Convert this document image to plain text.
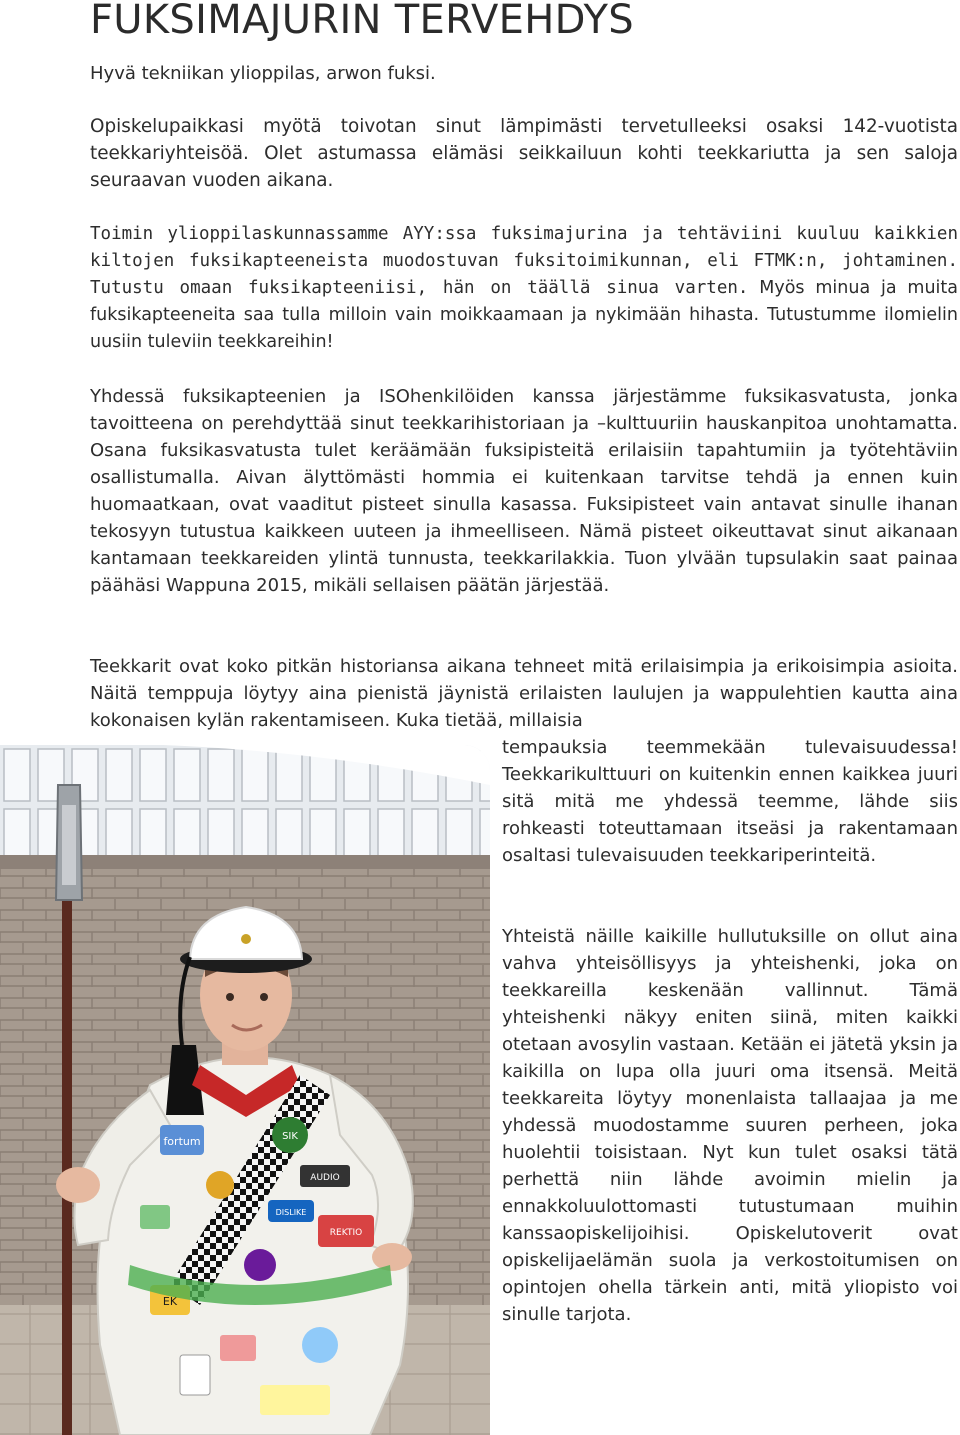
FUKSIMAJURIN TERVEHDYS

Hyvä tekniikan ylioppilas, arwon fuksi.

Opiskelupaikkasi myötä toivotan sinut lämpimästi tervetulleeksi osaksi 142-vuotista teekkariyhteisöä. Olet astumassa elämäsi seikkailuun kohti teekkariutta ja sen saloja seuraavan vuoden aikana.

Toimin ylioppilaskunnassamme AYY:ssa fuksimajurina ja tehtäviini kuuluu kaikkien kiltojen fuksikapteeneista muodostuvan fuksitoimikunnan, eli FTMK:n, johtaminen. Tutustu omaan fuksikapteeniisi, hän on täällä sinua varten. Myös minua ja muita fuksikapteeneita saa tulla milloin vain moikkaamaan ja nykimään hihasta. Tutustumme ilomielin uusiin tuleviin teekkareihin!

Yhdessä fuksikapteenien ja ISOhenkilöiden kanssa järjestämme fuksikasvatusta, jonka tavoitteena on perehdyttää sinut teekkarihistoriaan ja –kulttuuriin hauskanpitoa unohtamatta. Osana fuksikasvatusta tulet keräämään fuksipisteitä erilaisiin tapahtumiin ja työtehtäviin osallistumalla. Aivan älyttömästi hommia ei kuitenkaan tarvitse tehdä ja ennen kuin huomaatkaan, ovat vaaditut pisteet sinulla kasassa. Fuksipisteet vain antavat sinulle ihanan tekosyyn tutustua kaikkeen uuteen ja ihmeelliseen. Nämä pisteet oikeuttavat sinut aikanaan kantamaan teekkareiden ylintä tunnusta, teekkarilakkia. Tuon ylvään tupsulakin saat painaa päähäsi Wappuna 2015, mikäli sellaisen päätän järjestää.

Teekkarit ovat koko pitkän historiansa aikana tehneet mitä erilaisimpia ja erikoisimpia asioita. Näitä temppuja löytyy aina pienistä jäynistä erilaisten laulujen ja wappulehtien kautta aina kokonaisen kylän rakentamiseen. Kuka tietää, millaisia

tempauksia teemmekään tulevaisuudessa! Teekkarikulttuuri on kuitenkin ennen kaikkea juuri sitä mitä me yhdessä teemme, lähde siis rohkeasti toteuttamaan itseäsi ja rakentamaan osaltasi tulevaisuuden teekkariperinteitä.

Yhteistä näille kaikille hullutuksille on ollut aina vahva yhteisöllisyys ja yhteishenki, joka on teekkareilla keskenään vallinnut. Tämä yhteishenki näkyy eniten siinä, miten kaikki otetaan avosylin vastaan. Ketään ei jätetä yksin ja kaikilla on lupa olla juuri oma itsensä. Meitä teekkareita löytyy monenlaista tallaajaa ja me yhdessä muodostamme suuren perheen, joka huolehtii toisistaan. Nyt kun tulet osaksi tätä perhettä niin lähde avoimin mielin ja ennakkoluulottomasti tutustumaan muihin kanssaopiskelijoihisi. Opiskelutoverit ovat opiskelijaelämän suola ja verkostoitumisen on opintojen ohella tärkein anti, mitä yliopisto voi sinulle tarjota.

fortum	SIK
AUDIO
REKTIO
DISLIKE
EK
